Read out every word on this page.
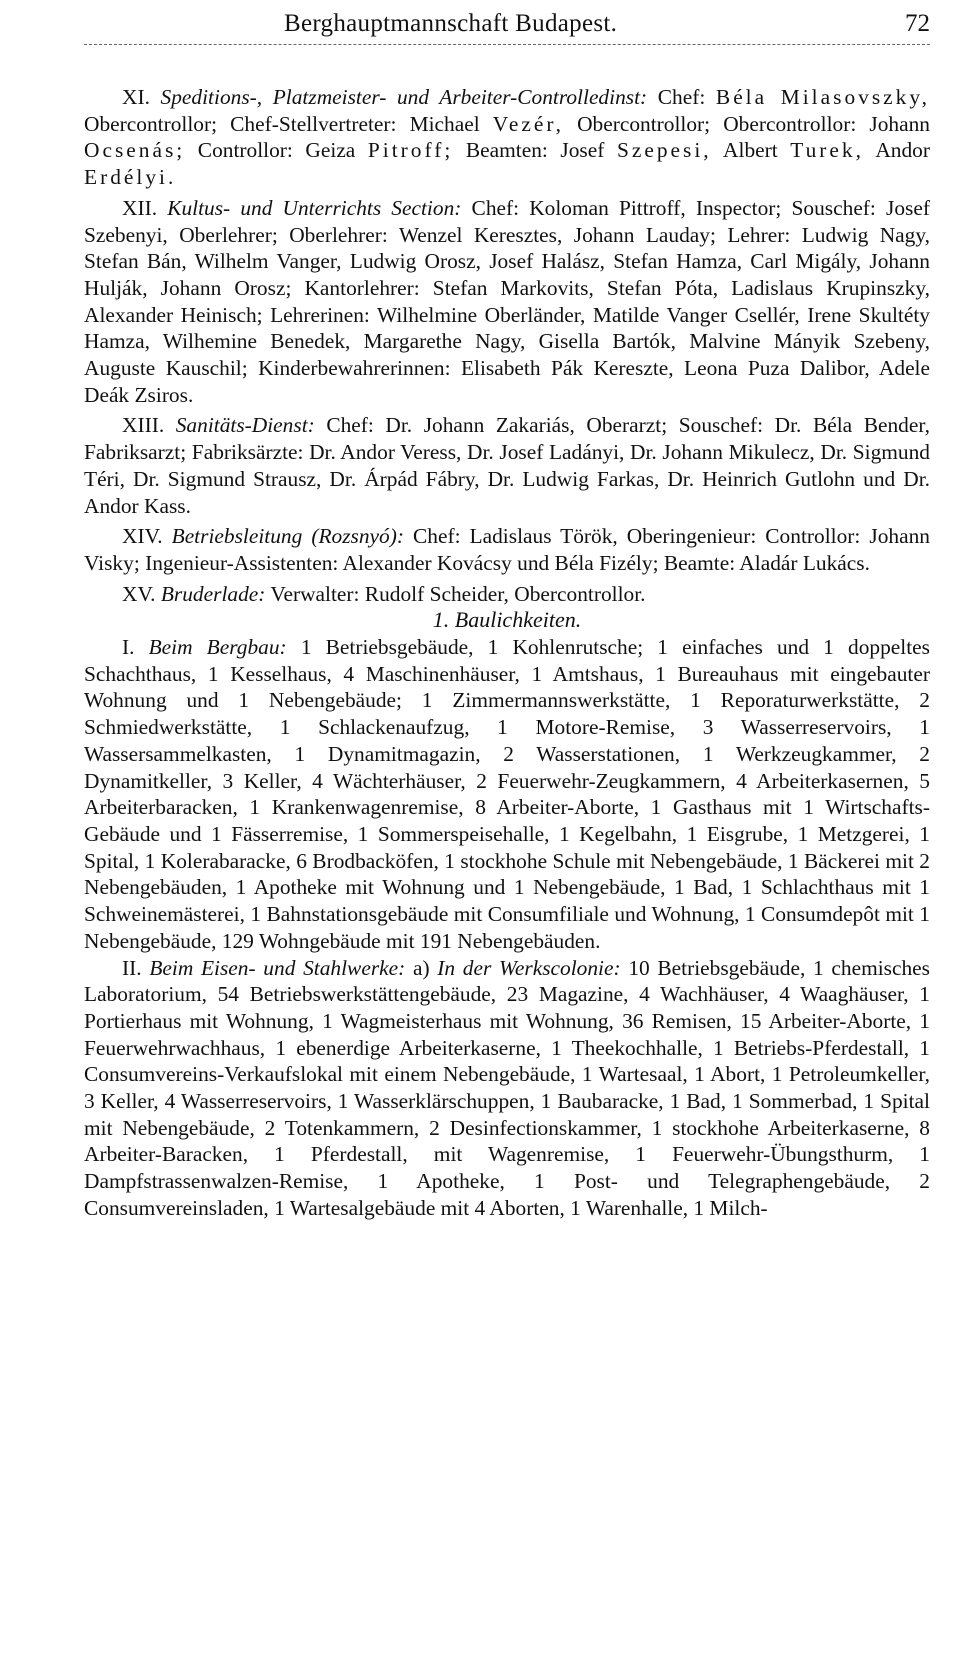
Berghauptmannschaft Budapest.	72

XI. Speditions-, Platzmeister- und Arbeiter-Controlledinst: Chef: Béla Milasovszky, Obercontrollor; Chef-Stellvertreter: Michael Vezér, Obercontrollor; Obercontrollor: Johann Ocsenás; Controllor: Geiza Pitroff; Beamten: Josef Szepesi, Albert Turek, Andor Erdélyi.

XII. Kultus- und Unterrichts Section: Chef: Koloman Pittroff, Inspector; Souschef: Josef Szebenyi, Oberlehrer; Oberlehrer: Wenzel Keresztes, Johann Lauday; Lehrer: Ludwig Nagy, Stefan Bán, Wilhelm Vanger, Ludwig Orosz, Josef Halász, Stefan Hamza, Carl Migály, Johann Hulják, Johann Orosz; Kantorlehrer: Stefan Markovits, Stefan Póta, Ladislaus Krupinszky, Alexander Heinisch; Lehrerinen: Wilhelmine Oberländer, Matilde Vanger Csellér, Irene Skultéty Hamza, Wilhemine Benedek, Margarethe Nagy, Gisella Bartók, Malvine Mányik Szebeny, Auguste Kauschil; Kinderbewahrerinnen: Elisabeth Pák Kereszte, Leona Puza Dalibor, Adele Deák Zsiros.

XIII. Sanitäts-Dienst: Chef: Dr. Johann Zakariás, Oberarzt; Souschef: Dr. Béla Bender, Fabriksarzt; Fabriksärzte: Dr. Andor Veress, Dr. Josef Ladányi, Dr. Johann Mikulecz, Dr. Sigmund Téri, Dr. Sigmund Strausz, Dr. Árpád Fábry, Dr. Ludwig Farkas, Dr. Heinrich Gutlohn und Dr. Andor Kass.

XIV. Betriebsleitung (Rozsnyó): Chef: Ladislaus Török, Oberingenieur: Controllor: Johann Visky; Ingenieur-Assistenten: Alexander Kovácsy und Béla Fizély; Beamte: Aladár Lukács.

XV. Bruderlade: Verwalter: Rudolf Scheider, Obercontrollor.

1. Baulichkeiten.

I. Beim Bergbau: 1 Betriebsgebäude, 1 Kohlenrutsche; 1 einfaches und 1 doppeltes Schachthaus, 1 Kesselhaus, 4 Maschinenhäuser, 1 Amtshaus, 1 Bureauhaus mit eingebauter Wohnung und 1 Nebengebäude; 1 Zimmermannswerkstätte, 1 Reporaturwerkstätte, 2 Schmiedwerkstätte, 1 Schlackenaufzug, 1 Motore-Remise, 3 Wasserreservoirs, 1 Wassersammelkasten, 1 Dynamitmagazin, 2 Wasserstationen, 1 Werkzeugkammer, 2 Dynamitkeller, 3 Keller, 4 Wächterhäuser, 2 Feuerwehr-Zeugkammern, 4 Arbeiterkasernen, 5 Arbeiterbaracken, 1 Krankenwagenremise, 8 Arbeiter-Aborte, 1 Gasthaus mit 1 Wirtschafts-Gebäude und 1 Fässerremise, 1 Sommerspeisehalle, 1 Kegelbahn, 1 Eisgrube, 1 Metzgerei, 1 Spital, 1 Kolerabaracke, 6 Brodbacköfen, 1 stockhohe Schule mit Nebengebäude, 1 Bäckerei mit 2 Nebengebäuden, 1 Apotheke mit Wohnung und 1 Nebengebäude, 1 Bad, 1 Schlachthaus mit 1 Schweinemästerei, 1 Bahnstationsgebäude mit Consumfiliale und Wohnung, 1 Consumdepôt mit 1 Nebengebäude, 129 Wohngebäude mit 191 Nebengebäuden.

II. Beim Eisen- und Stahlwerke: a) In der Werkscolonie: 10 Betriebsgebäude, 1 chemisches Laboratorium, 54 Betriebswerkstättengebäude, 23 Magazine, 4 Wachhäuser, 4 Waaghäuser, 1 Portierhaus mit Wohnung, 1 Wagmeisterhaus mit Wohnung, 36 Remisen, 15 Arbeiter-Aborte, 1 Feuerwehrwachhaus, 1 ebenerdige Arbeiterkaserne, 1 Theekochhalle, 1 Betriebs-Pferdestall, 1 Consumvereins-Verkaufslokal mit einem Nebengebäude, 1 Wartesaal, 1 Abort, 1 Petroleumkeller, 3 Keller, 4 Wasserreservoirs, 1 Wasserklärschuppen, 1 Baubaracke, 1 Bad, 1 Sommerbad, 1 Spital mit Nebengebäude, 2 Totenkammern, 2 Desinfectionskammer, 1 stockhohe Arbeiterkaserne, 8 Arbeiter-Baracken, 1 Pferdestall, mit Wagenremise, 1 Feuerwehr-Übungsthurm, 1 Dampfstrassenwalzen-Remise, 1 Apotheke, 1 Post- und Telegraphengebäude, 2 Consumvereinsladen, 1 Wartesalgebäude mit 4 Aborten, 1 Warenhalle, 1 Milch-
